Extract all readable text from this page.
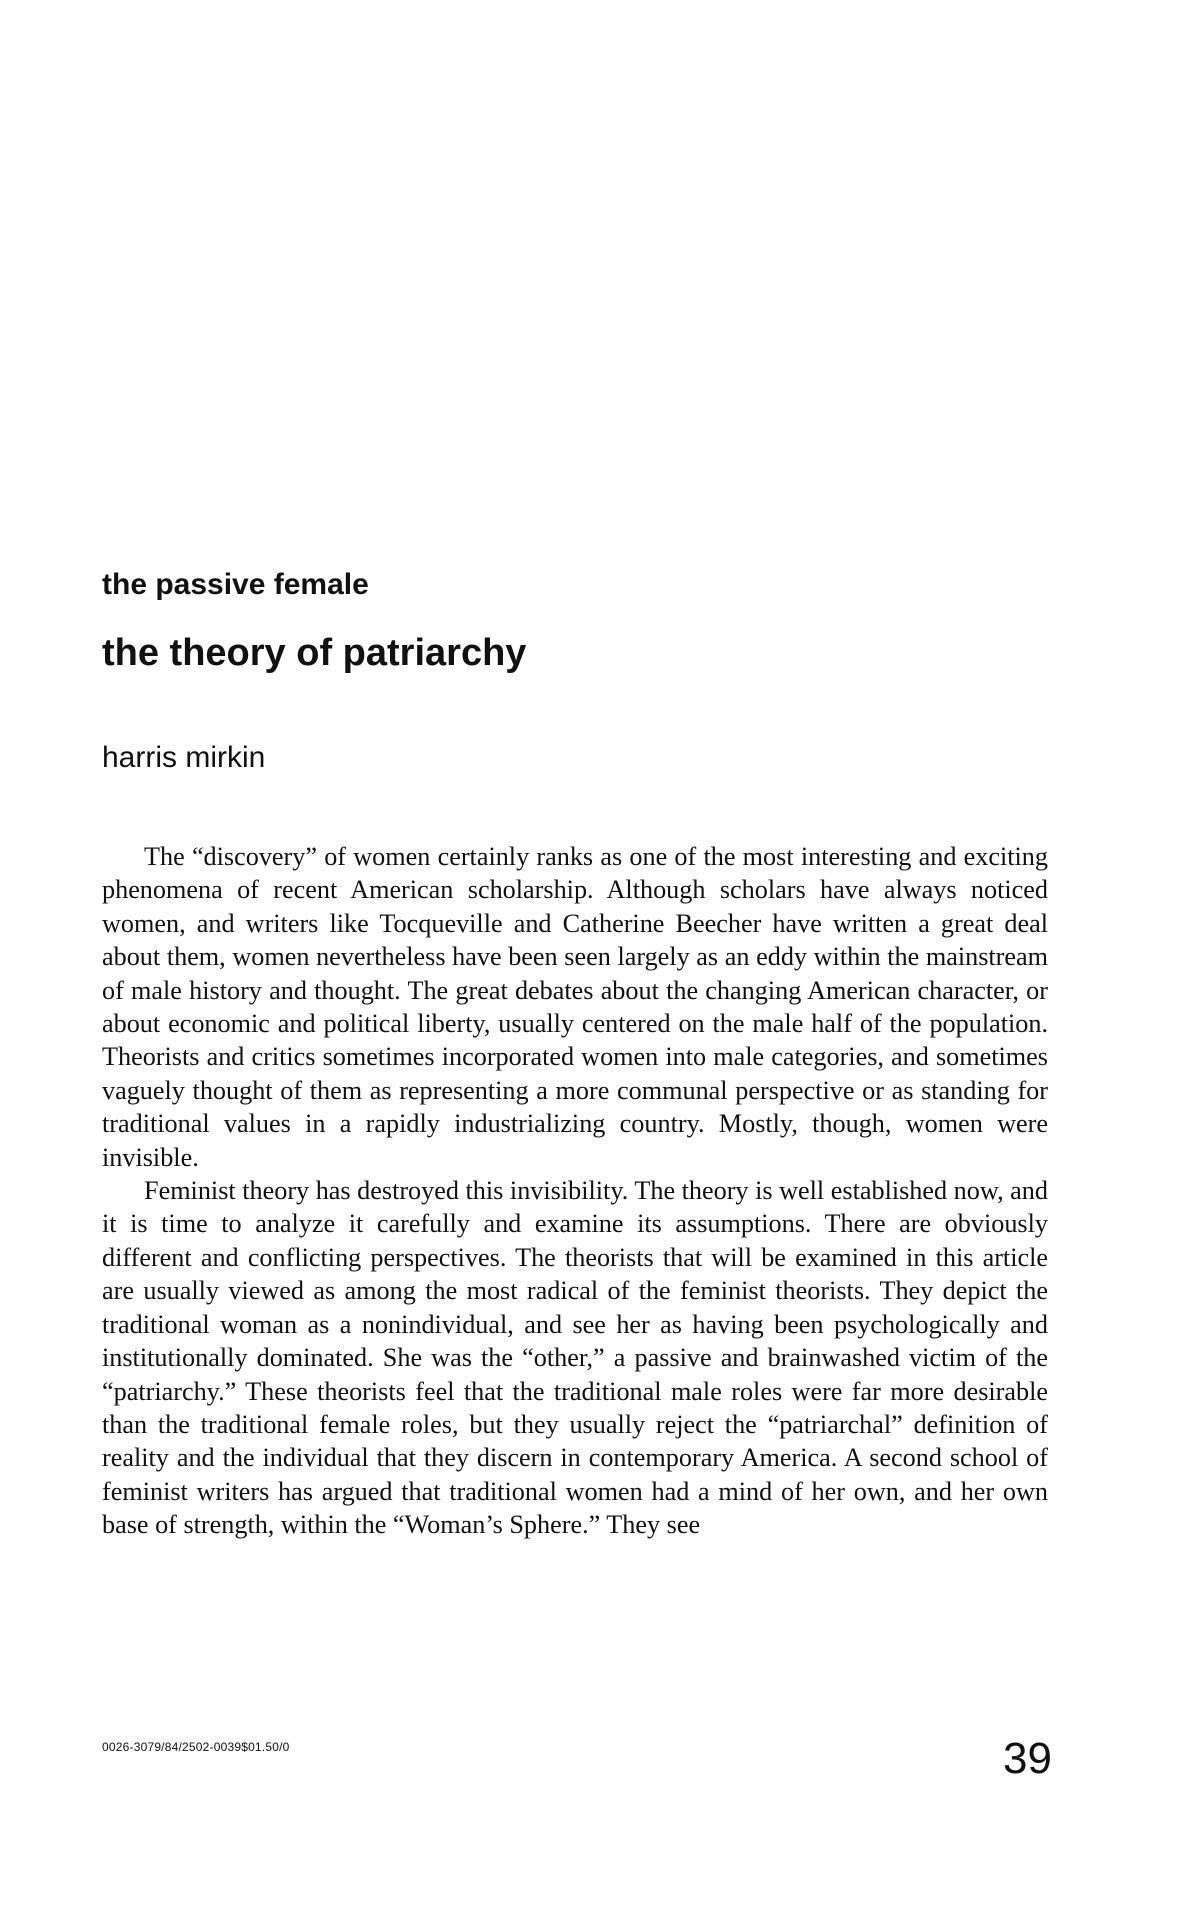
the passive female
the theory of patriarchy
harris mirkin

The “discovery” of women certainly ranks as one of the most interesting and exciting phenomena of recent American scholarship. Although scholars have always noticed women, and writers like Tocqueville and Catherine Beecher have written a great deal about them, women nevertheless have been seen largely as an eddy within the mainstream of male history and thought. The great debates about the changing American character, or about economic and political liberty, usually centered on the male half of the population. Theorists and critics sometimes incorporated women into male categories, and sometimes vaguely thought of them as representing a more communal perspective or as standing for traditional values in a rapidly industrializing country. Mostly, though, women were invisible.

Feminist theory has destroyed this invisibility. The theory is well established now, and it is time to analyze it carefully and examine its assumptions. There are obviously different and conflicting perspectives. The theorists that will be examined in this article are usually viewed as among the most radical of the feminist theorists. They depict the traditional woman as a nonindividual, and see her as having been psychologically and institutionally dominated. She was the “other,” a passive and brainwashed victim of the “patriarchy.” These theorists feel that the traditional male roles were far more desirable than the traditional female roles, but they usually reject the “patriarchal” definition of reality and the individual that they discern in contemporary America. A second school of feminist writers has argued that traditional women had a mind of her own, and her own base of strength, within the “Woman’s Sphere.” They see

0026-3079/84/2502-0039$01.50/0	39
